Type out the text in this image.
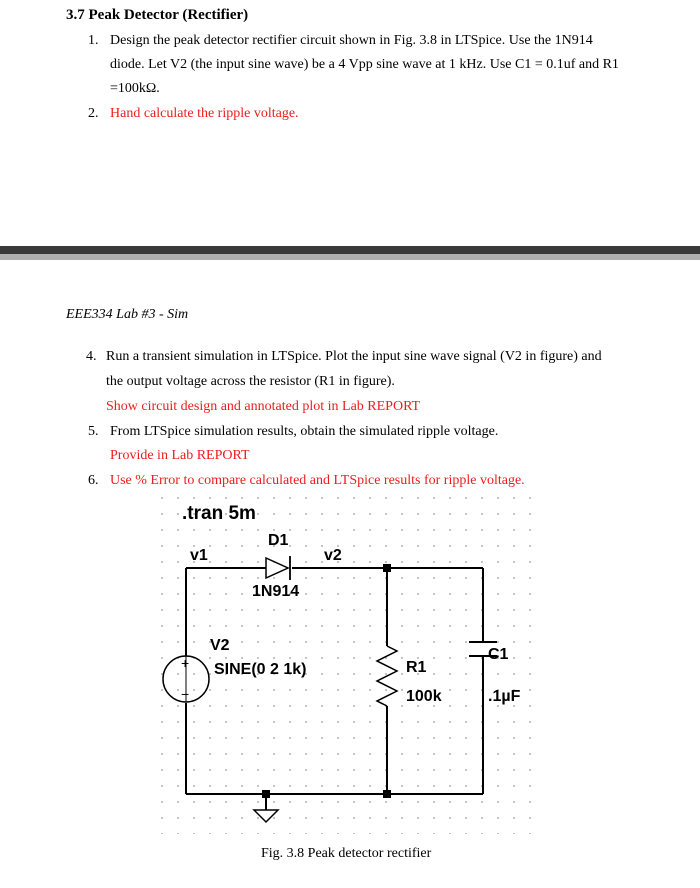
3.7 Peak Detector (Rectifier)
1. Design the peak detector rectifier circuit shown in Fig. 3.8 in LTSpice. Use the 1N914
diode. Let V2 (the input sine wave) be a 4 Vpp sine wave at 1 kHz. Use C1 = 0.1uf and R1
=100kΩ.
2. Hand calculate the ripple voltage.
EEE334 Lab #3 - Sim
4. Run a transient simulation in LTSpice. Plot the input sine wave signal (V2 in figure) and
the output voltage across the resistor (R1 in figure).
Show circuit design and annotated plot in Lab REPORT
5. From LTSpice simulation results, obtain the simulated ripple voltage.
Provide in Lab REPORT
6. Use % Error to compare calculated and LTSpice results for ripple voltage.
+
−
.tran 5m
D1
v1	v2
1N914
V2
SINE(0 2 1k)	R1
100k
C1
.1µF
Fig. 3.8 Peak detector rectifier
